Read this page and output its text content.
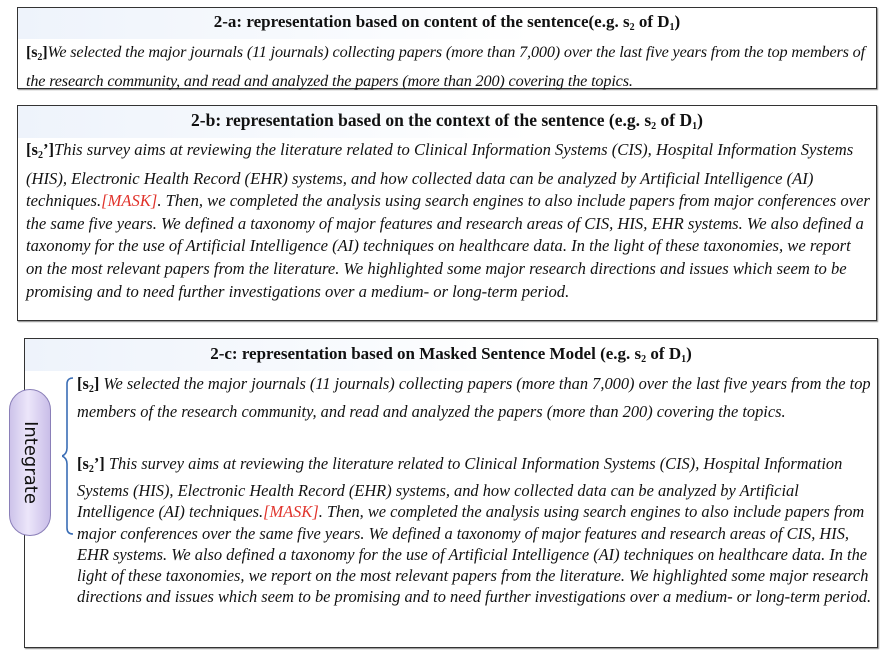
2-a: representation based on content of the sentence(e.g. $s_2$ of $D_1$)
$[s_2]We$ selected the major journals (11 journals) collecting papers (more than 7,000) over the last five years from the top members of the research community, and read and analyzed the papers (more than 200) covering the topics.
2-b: representation based on the context of the sentence (e.g. $s_2$ of $D_1$)
$[s_2’]This$ survey aims at reviewing the literature related to Clinical Information Systems (CIS), Hospital Information Systems (HIS), Electronic Health Record (EHR) systems, and how collected data can be analyzed by Artificial Intelligence (AI) techniques.[MASK]. Then, we completed the analysis using search engines to also include papers from major conferences over the same five years. We defined a taxonomy of major features and research areas of CIS, HIS, EHR systems. We also defined a taxonomy for the use of Artificial Intelligence (AI) techniques on healthcare data. In the light of these taxonomies, we report on the most relevant papers from the literature. We highlighted some major research directions and issues which seem to be promising and to need further investigations over a medium- or long-term period.
2-c: representation based on Masked Sentence Model (e.g. $s_2$ of $D_1$)
$[s_2]$ We selected the major journals (11 journals) collecting papers (more than 7,000) over the last five years from the top members of the research community, and read and analyzed the papers (more than 200) covering the topics.
$[s_2’]$ This survey aims at reviewing the literature related to Clinical Information Systems (CIS), Hospital Information Systems (HIS), Electronic Health Record (EHR) systems, and how collected data can be analyzed by Artificial Intelligence (AI) techniques.[MASK]. Then, we completed the analysis using search engines to also include papers from major conferences over the same five years. We defined a taxonomy of major features and research areas of CIS, HIS, EHR systems. We also defined a taxonomy for the use of Artificial Intelligence (AI) techniques on healthcare data. In the light of these taxonomies, we report on the most relevant papers from the literature. We highlighted some major research directions and issues which seem to be promising and to need further investigations over a medium- or long-term period.
Integrate
